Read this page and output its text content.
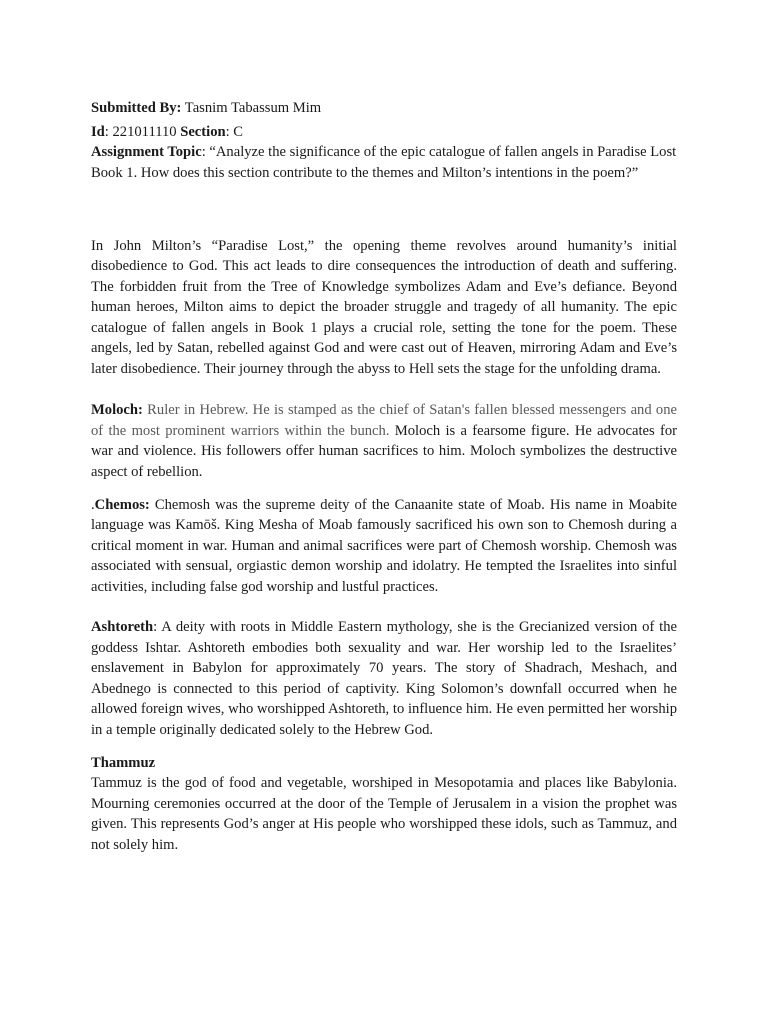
Submitted By: Tasnim Tabassum Mim

Id: 221011110 Section: C

Assignment Topic: “Analyze the significance of the epic catalogue of fallen angels in Paradise Lost Book 1. How does this section contribute to the themes and Milton’s intentions in the poem?”

In John Milton’s “Paradise Lost,” the opening theme revolves around humanity’s initial disobedience to God. This act leads to dire consequences the introduction of death and suffering. The forbidden fruit from the Tree of Knowledge symbolizes Adam and Eve’s defiance. Beyond human heroes, Milton aims to depict the broader struggle and tragedy of all humanity. The epic catalogue of fallen angels in Book 1 plays a crucial role, setting the tone for the poem. These angels, led by Satan, rebelled against God and were cast out of Heaven, mirroring Adam and Eve’s later disobedience. Their journey through the abyss to Hell sets the stage for the unfolding drama.

Moloch: Ruler in Hebrew. He is stamped as the chief of Satan's fallen blessed messengers and one of the most prominent warriors within the bunch. Moloch is a fearsome figure. He advocates for war and violence. His followers offer human sacrifices to him. Moloch symbolizes the destructive aspect of rebellion.

.Chemos: Chemosh was the supreme deity of the Canaanite state of Moab. His name in Moabite language was Kamōš. King Mesha of Moab famously sacrificed his own son to Chemosh during a critical moment in war. Human and animal sacrifices were part of Chemosh worship. Chemosh was associated with sensual, orgiastic demon worship and idolatry. He tempted the Israelites into sinful activities, including false god worship and lustful practices.

Ashtoreth: A deity with roots in Middle Eastern mythology, she is the Grecianized version of the goddess Ishtar. Ashtoreth embodies both sexuality and war. Her worship led to the Israelites’ enslavement in Babylon for approximately 70 years. The story of Shadrach, Meshach, and Abednego is connected to this period of captivity. King Solomon’s downfall occurred when he allowed foreign wives, who worshipped Ashtoreth, to influence him. He even permitted her worship in a temple originally dedicated solely to the Hebrew God.

Thammuz
Tammuz is the god of food and vegetable, worshiped in Mesopotamia and places like Babylonia. Mourning ceremonies occurred at the door of the Temple of Jerusalem in a vision the prophet was given. This represents God’s anger at His people who worshipped these idols, such as Tammuz, and not solely him.
